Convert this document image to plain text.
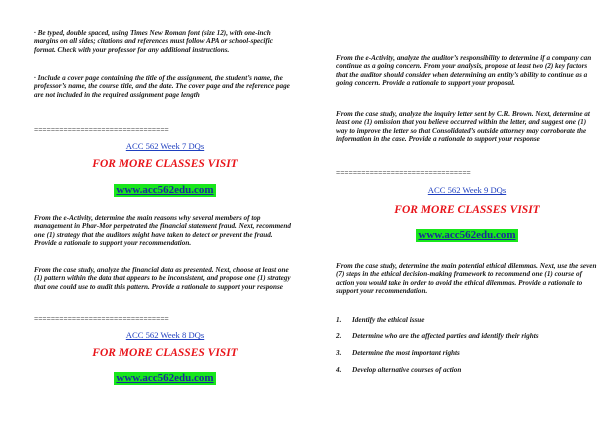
· Be typed, double spaced, using Times New Roman font (size 12), with one-inch margins on all sides; citations and references must follow APA or school-specific format. Check with your professor for any additional instructions.

· Include a cover page containing the title of the assignment, the student’s name, the professor’s name, the course title, and the date. The cover page and the reference page are not included in the required assignment page length

================================

ACC 562 Week 7 DQs

FOR MORE CLASSES VISIT

www.acc562edu.com

From the e-Activity, determine the main reasons why several members of top management in Phar-Mor perpetrated the financial statement fraud. Next, recommend one (1) strategy that the auditors might have taken to detect or prevent the fraud. Provide a rationale to support your recommendation.

From the case study, analyze the financial data as presented. Next, choose at least one (1) pattern within the data that appears to be inconsistent, and propose one (1) strategy that one could use to audit this pattern. Provide a rationale to support your response

================================

ACC 562 Week 8 DQs

FOR MORE CLASSES VISIT

www.acc562edu.com

From the e-Activity, analyze the auditor’s responsibility to determine if a company can continue as a going concern. From your analysis, propose at least two (2) key factors that the auditor should consider when determining an entity’s ability to continue as a going concern. Provide a rationale to support your proposal.

From the case study, analyze the inquiry letter sent by C.R. Brown. Next, determine at least one (1) omission that you believe occurred within the letter, and suggest one (1) way to improve the letter so that Consolidated’s outside attorney may corroborate the information in the case. Provide a rationale to support your response

================================

ACC 562 Week 9 DQs

FOR MORE CLASSES VISIT

www.acc562edu.com

From the case study, determine the main potential ethical dilemmas. Next, use the seven (7) steps in the ethical decision-making framework to recommend one (1) course of action you would take in order to avoid the ethical dilemmas. Provide a rationale to support your recommendation.

1. Identify the ethical issue
2. Determine who are the affected parties and identify their rights
3. Determine the most important rights
4. Develop alternative courses of action
